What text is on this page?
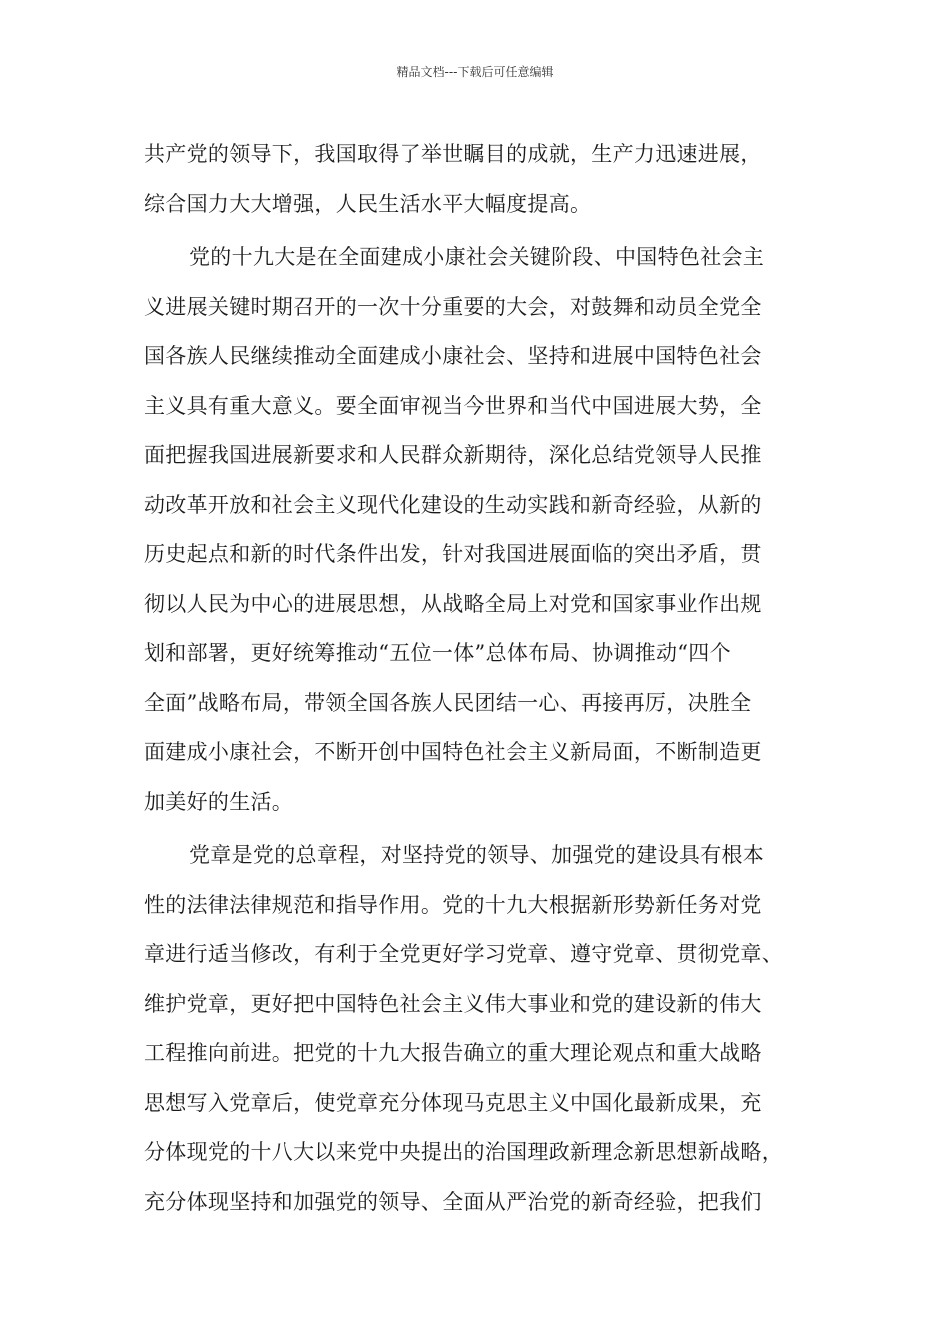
精品文档---下载后可任意编辑
共产党的领导下，我国取得了举世瞩目的成就，生产力迅速进展，
综合国力大大增强，人民生活水平大幅度提高。
党的十九大是在全面建成小康社会关键阶段、中国特色社会主
义进展关键时期召开的一次十分重要的大会，对鼓舞和动员全党全
国各族人民继续推动全面建成小康社会、坚持和进展中国特色社会
主义具有重大意义。要全面审视当今世界和当代中国进展大势，全
面把握我国进展新要求和人民群众新期待，深化总结党领导人民推
动改革开放和社会主义现代化建设的生动实践和新奇经验，从新的
历史起点和新的时代条件出发，针对我国进展面临的突出矛盾，贯
彻以人民为中心的进展思想，从战略全局上对党和国家事业作出规
划和部署，更好统筹推动“五位一体”总体布局、协调推动“四个
全面”战略布局，带领全国各族人民团结一心、再接再厉，决胜全
面建成小康社会，不断开创中国特色社会主义新局面，不断制造更
加美好的生活。
党章是党的总章程，对坚持党的领导、加强党的建设具有根本
性的法律法律规范和指导作用。党的十九大根据新形势新任务对党
章进行适当修改，有利于全党更好学习党章、遵守党章、贯彻党章、
维护党章，更好把中国特色社会主义伟大事业和党的建设新的伟大
工程推向前进。把党的十九大报告确立的重大理论观点和重大战略
思想写入党章后，使党章充分体现马克思主义中国化最新成果，充
分体现党的十八大以来党中央提出的治国理政新理念新思想新战略，
充分体现坚持和加强党的领导、全面从严治党的新奇经验，把我们
